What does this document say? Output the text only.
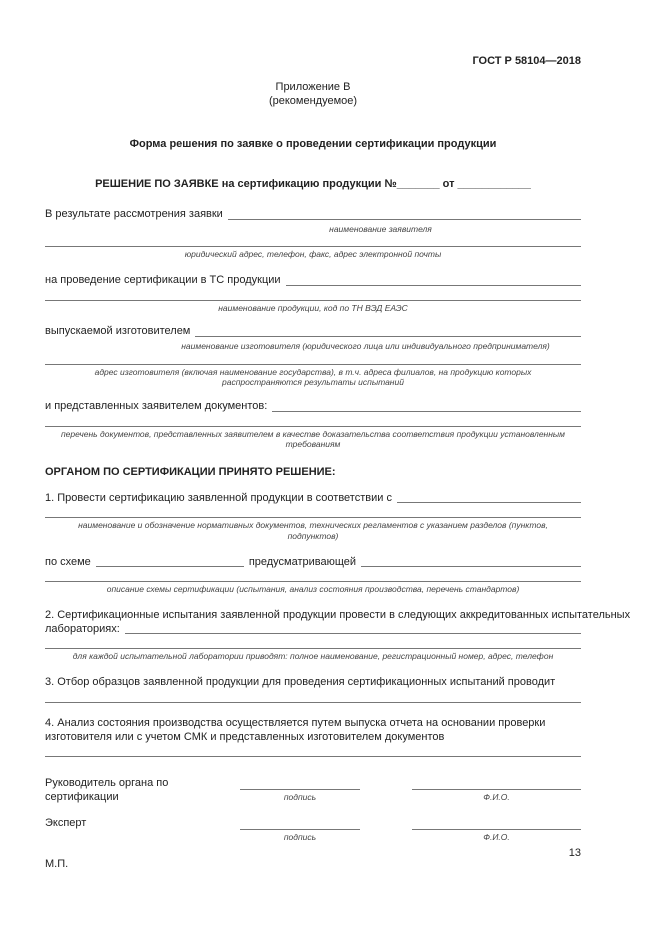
ГОСТ Р 58104—2018
Приложение В
(рекомендуемое)
Форма решения по заявке о проведении сертификации продукции
РЕШЕНИЕ ПО ЗАЯВКЕ на сертификацию продукции №_______ от ____________
В результате рассмотрения заявки
наименование заявителя
юридический адрес, телефон, факс, адрес электронной почты
на проведение сертификации в ТС продукции
наименование продукции, код по ТН ВЭД ЕАЭС
выпускаемой изготовителем
наименование изготовителя (юридического лица или индивидуального предпринимателя)
адрес изготовителя (включая наименование государства), в т.ч. адреса филиалов, на продукцию которых распространяются результаты испытаний
и представленных заявителем документов:
перечень документов, представленных заявителем в качестве доказательства соответствия продукции установленным требованиям
ОРГАНОМ ПО СЕРТИФИКАЦИИ ПРИНЯТО РЕШЕНИЕ:
1. Провести сертификацию заявленной продукции в соответствии с
наименование и обозначение нормативных документов, технических регламентов с указанием разделов (пунктов, подпунктов)
по схеме	предусматривающей
описание схемы сертификации (испытания, анализ состояния производства, перечень стандартов)
2. Сертификационные испытания заявленной продукции провести в следующих аккредитованных испытательных
лабораториях:
для каждой испытательной лаборатории приводят: полное наименование, регистрационный номер, адрес, телефон
3. Отбор образцов заявленной продукции для проведения сертификационных испытаний проводит
4. Анализ состояния производства осуществляется путем выпуска отчета на основании проверки изготовителя или с учетом СМК и представленных изготовителем документов
Руководитель органа по сертификации	подпись	Ф.И.О.
Эксперт
подпись	Ф.И.О.
М.П.
13
